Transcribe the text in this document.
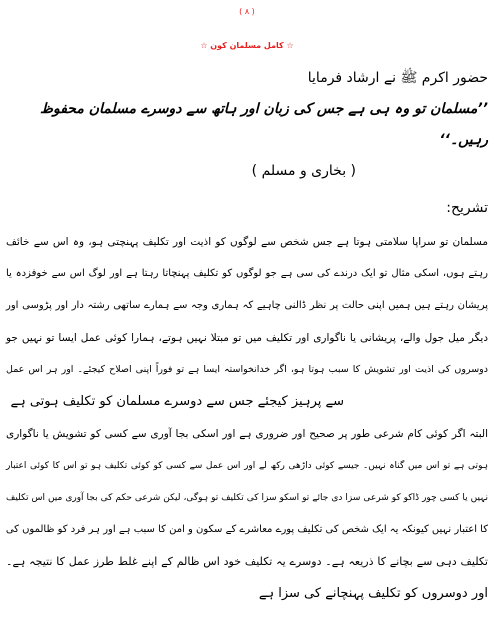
( ۸ )
☆ کامل مسلمان کون ☆
حضور اکرم ﷺ نے ارشاد فرمایا
’’مسلمان تو وہ ہی ہے جس کی زبان اور ہاتھ سے دوسرے مسلمان محفوظ
رہیں۔‘‘
( بخاری و مسلم )
تشریح:
مسلمان تو سراپا سلامتی ہوتا ہے جس شخص سے لوگوں کو اذیت اور تکلیف پہنچتی ہو، وہ اس سے خائف
رہتے ہوں، اسکی مثال تو ایک درندے کی سی ہے جو لوگوں کو تکلیف پہنچاتا رہتا ہے اور لوگ اس سے خوفزدہ یا
پریشان رہتے ہیں ہمیں اپنی حالت پر نظر ڈالنی چاہیے کہ ہماری وجہ سے ہمارے ساتھی رشتہ دار اور پڑوسی اور
دیگر میل جول والے، پریشانی یا ناگواری اور تکلیف میں تو مبتلا نہیں ہوتے، ہمارا کوئی عمل ایسا تو نہیں جو
دوسروں کی اذیت اور تشویش کا سبب ہوتا ہو، اگر خدانخواستہ ایسا ہے تو فوراً اپنی اصلاح کیجئے۔ اور ہر اس عمل
سے پرہیز کیجئے جس سے دوسرے مسلمان کو تکلیف ہوتی ہے
البتہ اگر کوئی کام شرعی طور پر صحیح اور ضروری ہے اور اسکی بجا آوری سے کسی کو تشویش یا ناگواری
ہوتی ہے تو اس میں گناہ نہیں۔ جیسے کوئی داڑھی رکھ لے اور اس عمل سے کسی کو کوئی تکلیف ہو تو اس کا کوئی اعتبار
نہیں یا کسی چور ڈاکو کو شرعی سزا دی جائے تو اسکو سزا کی تکلیف تو ہوگی، لیکن شرعی حکم کی بجا آوری میں اس تکلیف
کا اعتبار نہیں کیونکہ یہ ایک شخص کی تکلیف پورے معاشرے کے سکون و امن کا سبب ہے اور ہر فرد کو ظالموں کی
تکلیف دہی سے بچانے کا ذریعہ ہے۔ دوسرے یہ تکلیف خود اس ظالم کے اپنے غلط طرز عمل کا نتیجہ ہے۔
اور دوسروں کو تکلیف پہنچانے کی سزا ہے
